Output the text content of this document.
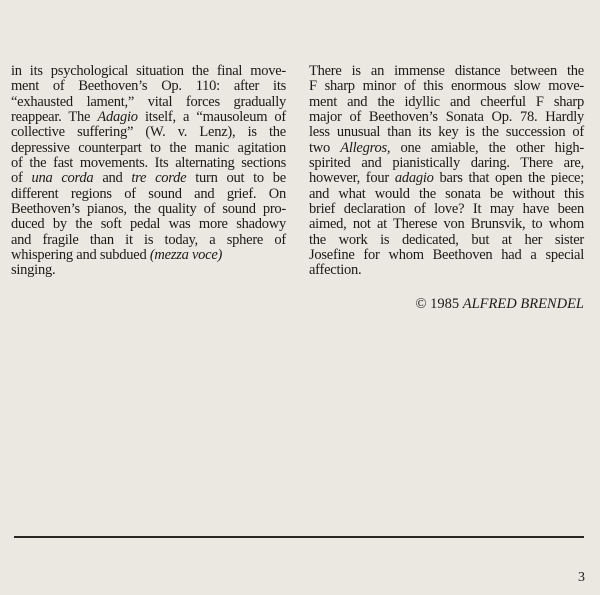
in its psychological situation the final move-
ment of Beethoven’s Op. 110: after its
“exhausted lament,” vital forces gradually
reappear. The Adagio itself, a “mausoleum of
collective suffering” (W. v. Lenz), is the
depressive counterpart to the manic agitation
of the fast movements. Its alternating sections
of una corda and tre corde turn out to be
different regions of sound and grief. On
Beethoven’s pianos, the quality of sound pro-
duced by the soft pedal was more shadowy
and fragile than it is today, a sphere of
whispering and subdued (mezza voce)
singing.
There is an immense distance between the
F sharp minor of this enormous slow move-
ment and the idyllic and cheerful F sharp
major of Beethoven’s Sonata Op. 78. Hardly
less unusual than its key is the succession of
two Allegros, one amiable, the other high-
spirited and pianistically daring. There are,
however, four adagio bars that open the piece;
and what would the sonata be without this
brief declaration of love? It may have been
aimed, not at Therese von Brunsvik, to whom
the work is dedicated, but at her sister
Josefine for whom Beethoven had a special
affection.
© 1985 ALFRED BRENDEL
3
